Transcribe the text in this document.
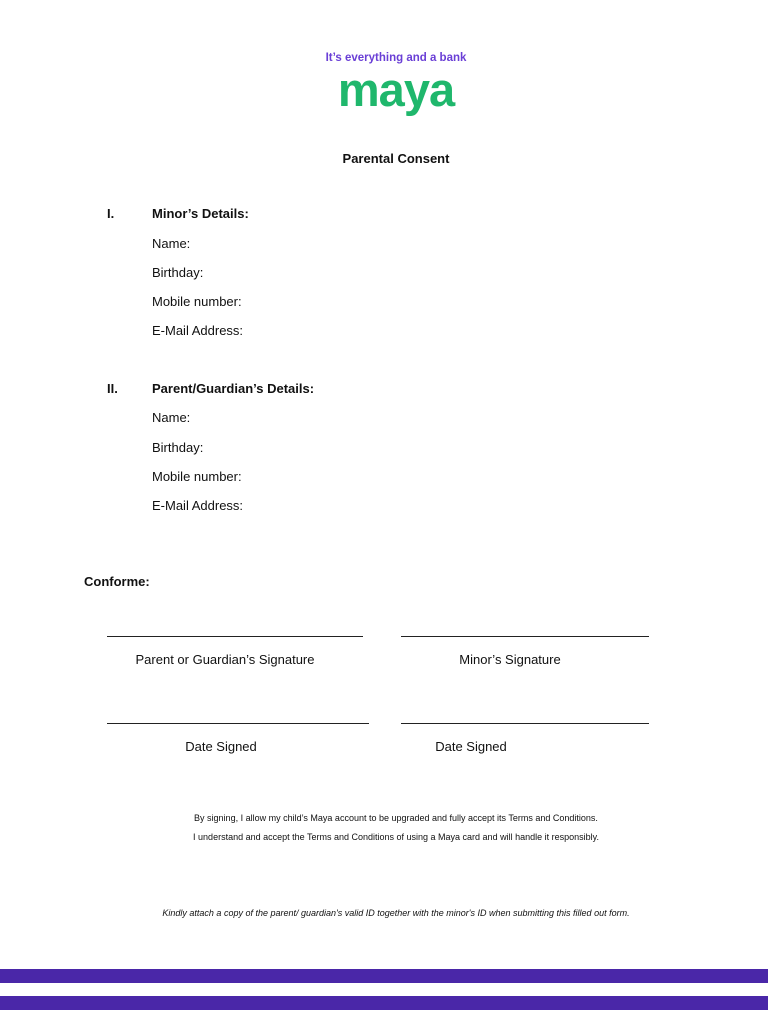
It’s everything and a bank
maya
Parental Consent
I.	Minor’s Details:
Name:
Birthday:
Mobile number:
E-Mail Address:
II.	Parent/Guardian’s Details:
Name:
Birthday:
Mobile number:
E-Mail Address:
Conforme:
Parent or Guardian’s Signature	Minor’s Signature
Date Signed	Date Signed
By signing, I allow my child’s Maya account to be upgraded and fully accept its Terms and Conditions.
I understand and accept the Terms and Conditions of using a Maya card and will handle it responsibly.
Kindly attach a copy of the parent/ guardian's valid ID together with the minor's ID when submitting this filled out form.
